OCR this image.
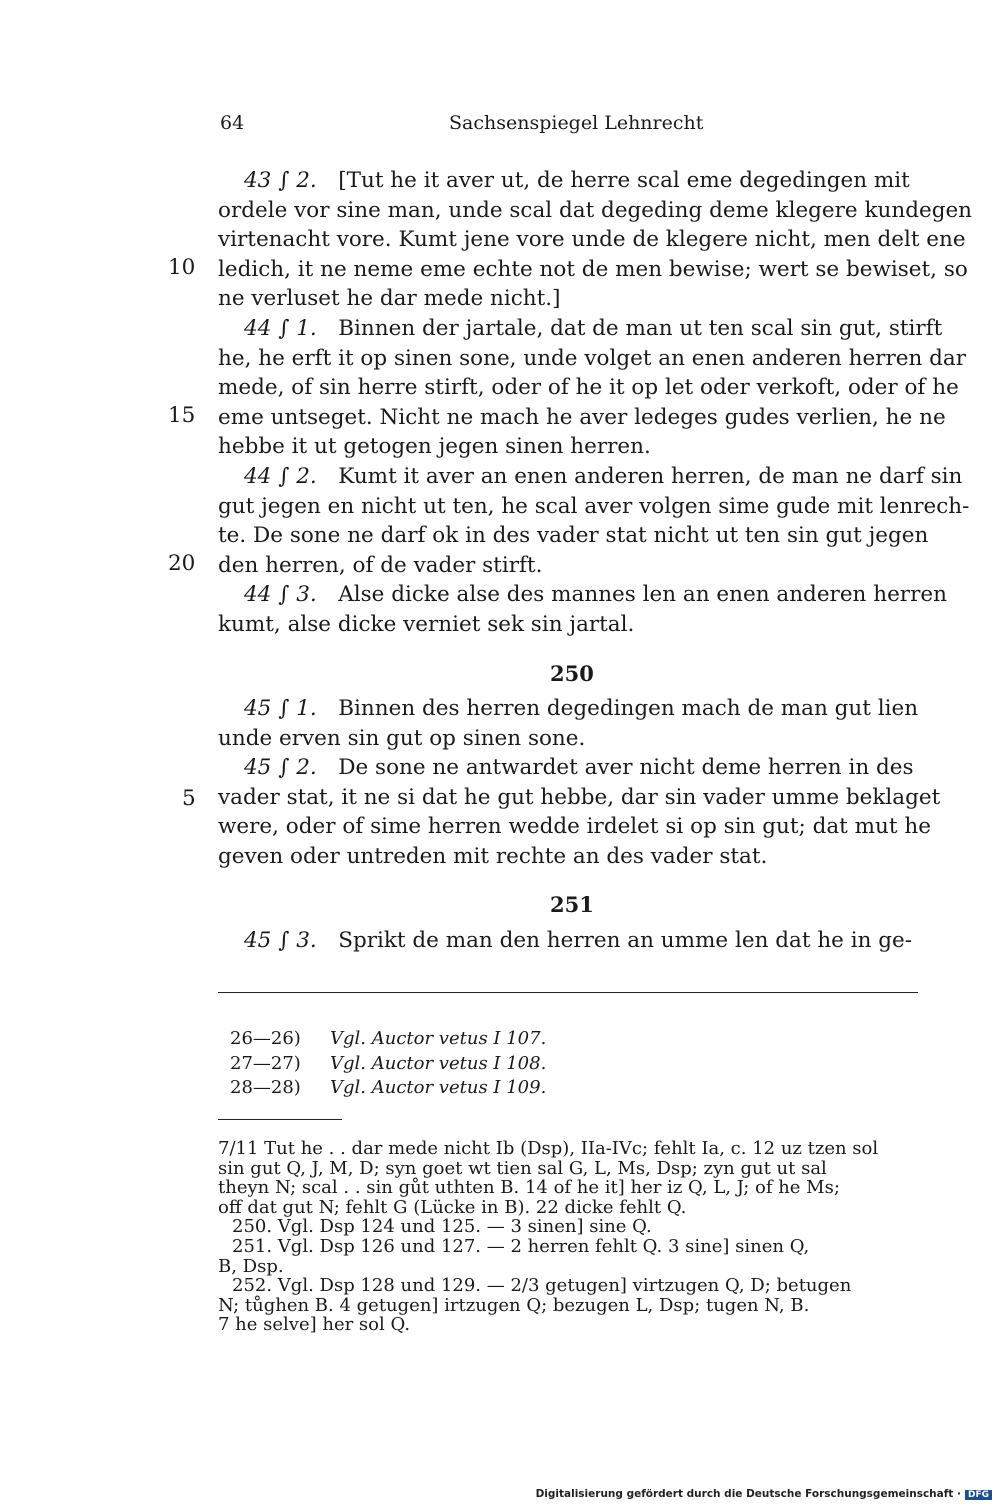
64	Sachsenspiegel Lehnrecht
43 ∫ 2.  [Tut he it aver ut, de herre scal eme degedingen mit
ordele vor sine man, unde scal dat degeding deme klegere kundegen
virtenacht vore. Kumt jene vore unde de klegere nicht, men delt ene
ledich, it ne neme eme echte not de men bewise; wert se bewiset, so
ne verluset he dar mede nicht.]
44 ∫ 1.  Binnen der jartale, dat de man ut ten scal sin gut, stirft
he, he erft it op sinen sone, unde volget an enen anderen herren dar
mede, of sin herre stirft, oder of he it op let oder verkoft, oder of he
eme untseget. Nicht ne mach he aver ledeges gudes verlien, he ne
hebbe it ut getogen jegen sinen herren.
44 ∫ 2.  Kumt it aver an enen anderen herren, de man ne darf sin
gut jegen en nicht ut ten, he scal aver volgen sime gude mit lenrech-
te. De sone ne darf ok in des vader stat nicht ut ten sin gut jegen
den herren, of de vader stirft.
44 ∫ 3.  Alse dicke alse des mannes len an enen anderen herren
kumt, alse dicke verniet sek sin jartal.
10
15
20
250
45 ∫ 1.  Binnen des herren degedingen mach de man gut lien
unde erven sin gut op sinen sone.
45 ∫ 2.  De sone ne antwardet aver nicht deme herren in des
vader stat, it ne si dat he gut hebbe, dar sin vader umme beklaget
were, oder of sime herren wedde irdelet si op sin gut; dat mut he
geven oder untreden mit rechte an des vader stat.
5
251
45 ∫ 3.  Sprikt de man den herren an umme len dat he in ge-
26—26) Vgl. Auctor vetus I 107.
27—27) Vgl. Auctor vetus I 108.
28—28) Vgl. Auctor vetus I 109.
7/11 Tut he . . dar mede nicht Ib (Dsp), IIa-IVc; fehlt Ia, c. 12 uz tzen sol
sin gut Q, J, M, D; syn goet wt tien sal G, L, Ms, Dsp; zyn gut ut sal
theyn N; scal . . sin gůt uthten B. 14 of he it] her iz Q, L, J; of he Ms;
off dat gut N; fehlt G (Lücke in B). 22 dicke fehlt Q.
250. Vgl. Dsp 124 und 125. — 3 sinen] sine Q.
251. Vgl. Dsp 126 und 127. — 2 herren fehlt Q. 3 sine] sinen Q,
B, Dsp.
252. Vgl. Dsp 128 und 129. — 2/3 getugen] virtzugen Q, D; betugen
N; tůghen B. 4 getugen] irtzugen Q; bezugen L, Dsp; tugen N, B.
7 he selve] her sol Q.
Digitalisierung gefördert durch die Deutsche Forschungsgemeinschaft · DFG
